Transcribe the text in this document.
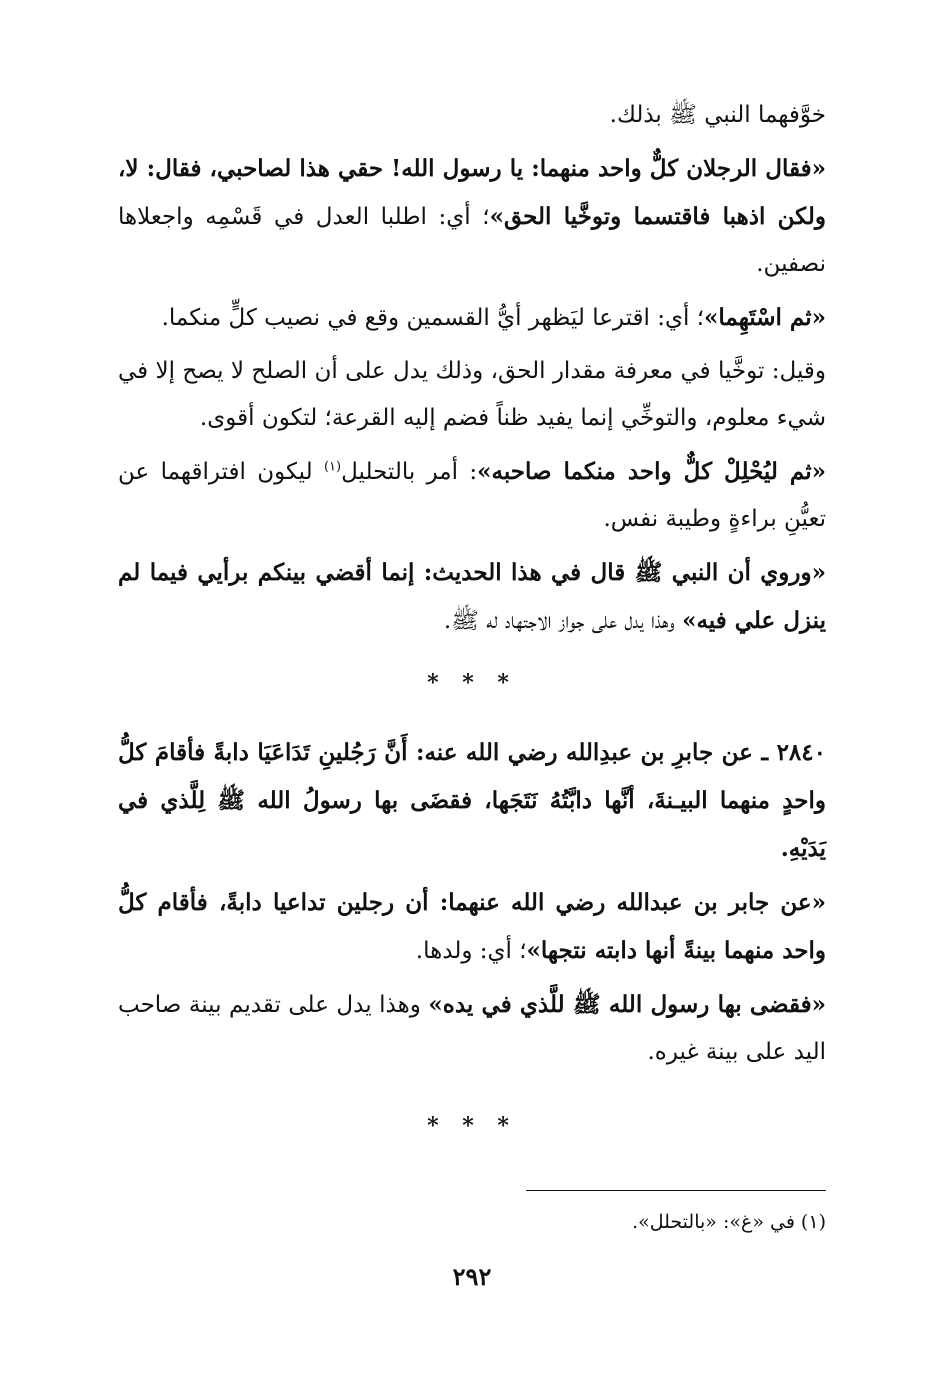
خوَّفهما النبي ﷺ بذلك.

«فقال الرجلان كلٌّ واحد منهما: يا رسول الله! حقي هذا لصاحبي، فقال: لا، ولكن اذهبا فاقتسما وتوخَّيا الحق»؛ أي: اطلبا العدل في قَسْمِه واجعلاها نصفين.

«ثم اسْتَهِما»؛ أي: اقترعا ليَظهر أيُّ القسمين وقع في نصيب كلٍّ منكما.

وقيل: توخَّيا في معرفة مقدار الحق، وذلك يدل على أن الصلح لا يصح إلا في شيء معلوم، والتوخِّي إنما يفيد ظناً فضم إليه القرعة؛ لتكون أقوى.

«ثم ليُحْلِلْ كلٌّ واحد منكما صاحبه»: أمر بالتحليل$^{(١)}$ ليكون افتراقهما عن تعيُّنِ براءةٍ وطيبة نفس.

«وروي أن النبي ﷺ قال في هذا الحديث: إنما أقضي بينكم برأيي فيما لم ينزل علي فيه» وهذا يدل على جواز الاجتهاد له ﷺ.

* * *

٢٨٤٠ ـ عن جابرِ بن عبدِالله رضي الله عنه: أَنَّ رَجُلينِ تَدَاعَيَا دابةً فأقامَ كلُّ واحدٍ منهما البيـنةَ، أنَّها دابَّتُهُ نَتَجَها، فقضَى بها رسولُ الله ﷺ لِلَّذي في يَدَيْهِ.

«عن جابر بن عبدالله رضي الله عنهما: أن رجلين تداعيا دابةً، فأقام كلُّ واحد منهما بينةً أنها دابته نتجها»؛ أي: ولدها.

«فقضى بها رسول الله ﷺ للَّذي في يده» وهذا يدل على تقديم بينة صاحب اليد على بينة غيره.

* * *
(١) في «غ»: «بالتحلل».
٢٩٢
